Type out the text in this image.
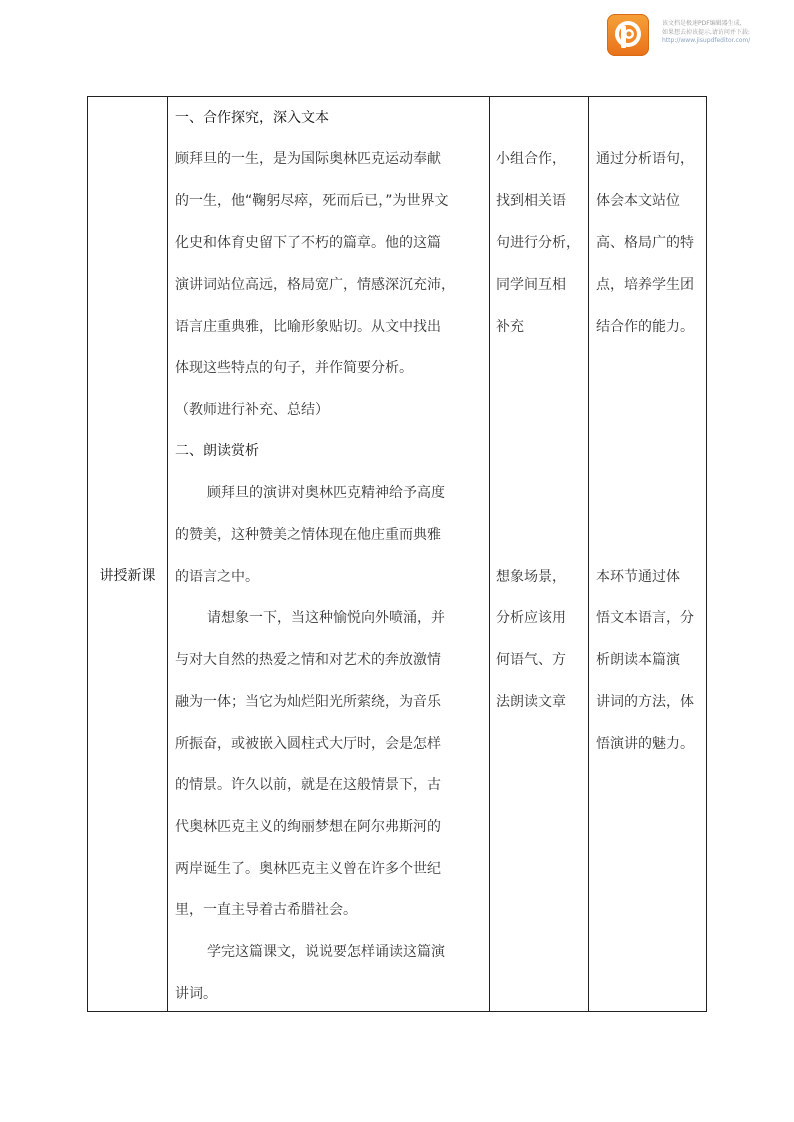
该文档是极速PDF编辑器生成,
如果想去掉该提示,请访问并下载:
http://www.jisupdfeditor.com/
讲授新课
一、合作探究，深入文本
顾拜旦的一生，是为国际奥林匹克运动奉献
的一生，他“鞠躬尽瘁，死而后已，”为世界文
化史和体育史留下了不朽的篇章。他的这篇
演讲词站位高远，格局宽广，情感深沉充沛，
语言庄重典雅，比喻形象贴切。从文中找出
体现这些特点的句子，并作简要分析。
（教师进行补充、总结）
二、朗读赏析
顾拜旦的演讲对奥林匹克精神给予高度
的赞美，这种赞美之情体现在他庄重而典雅
的语言之中。
请想象一下，当这种愉悦向外喷涌，并
与对大自然的热爱之情和对艺术的奔放激情
融为一体；当它为灿烂阳光所萦绕，为音乐
所振奋，或被嵌入圆柱式大厅时，会是怎样
的情景。许久以前，就是在这般情景下，古
代奥林匹克主义的绚丽梦想在阿尔弗斯河的
两岸诞生了。奥林匹克主义曾在许多个世纪
里，一直主导着古希腊社会。
学完这篇课文，说说要怎样诵读这篇演
讲词。
小组合作，
找到相关语
句进行分析，
同学间互相
补充
想象场景，
分析应该用
何语气、方
法朗读文章
通过分析语句，
体会本文站位
高、格局广的特
点，培养学生团
结合作的能力。
本环节通过体
悟文本语言，分
析朗读本篇演
讲词的方法，体
悟演讲的魅力。
